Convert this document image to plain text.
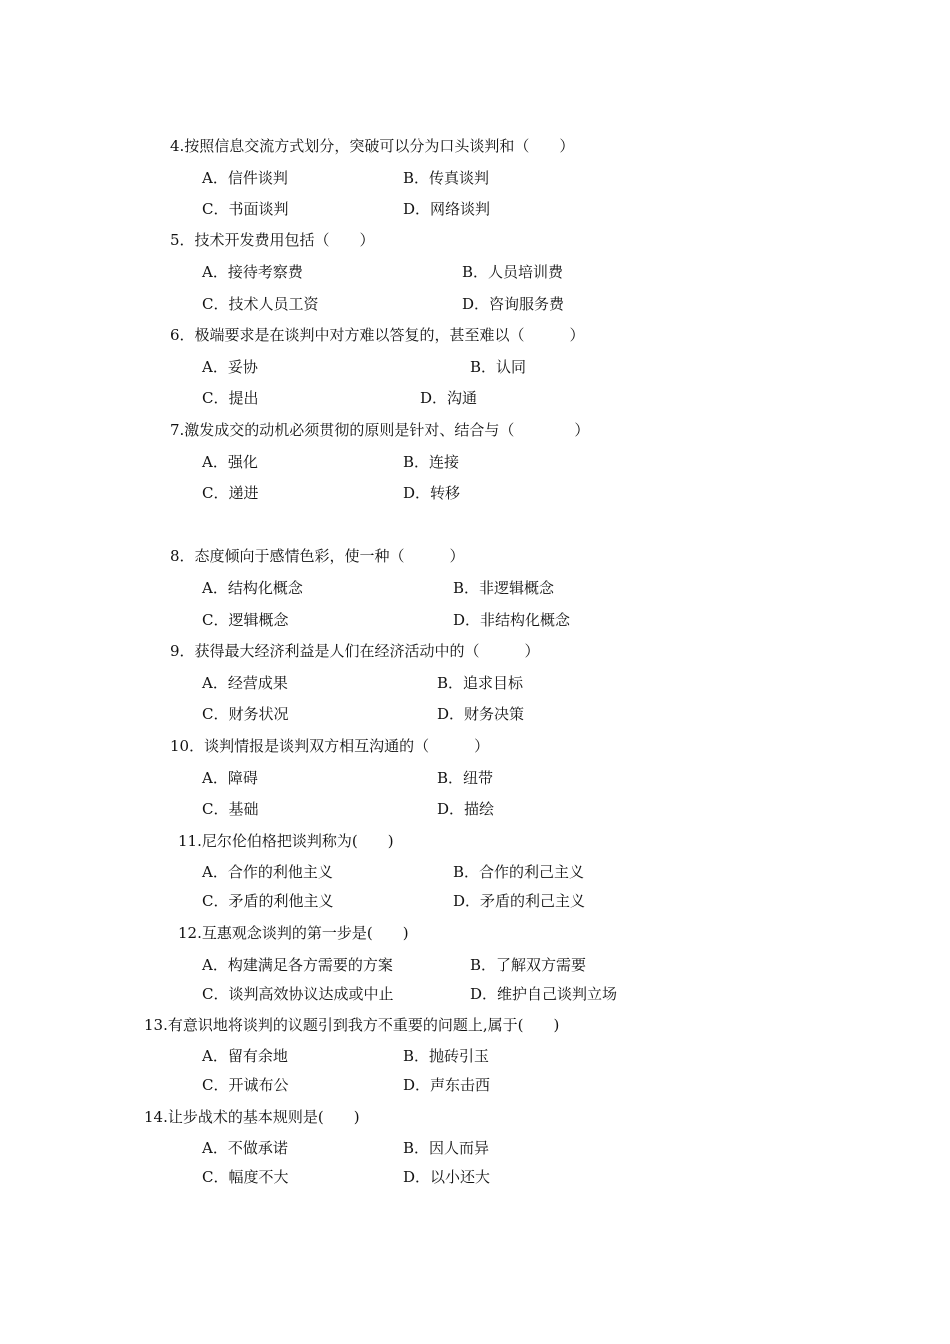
4.按照信息交流方式划分，突破可以分为口头谈判和（　　）
A．信件谈判	B．传真谈判
C．书面谈判	D．网络谈判
5．技术开发费用包括（　　）
A．接待考察费	B．人员培训费
C．技术人员工资	D．咨询服务费
6．极端要求是在谈判中对方难以答复的，甚至难以（　　　）
A．妥协	B．认同
C．提出	D．沟通
7.激发成交的动机必须贯彻的原则是针对、结合与（　　　　）
A．强化	B．连接
C．递进	D．转移
8．态度倾向于感情色彩，使一种（　　　）
A．结构化概念	B．非逻辑概念
C．逻辑概念	D．非结构化概念
9．获得最大经济利益是人们在经济活动中的（　　　）
A．经营成果	B．追求目标
C．财务状况	D．财务决策
10．谈判情报是谈判双方相互沟通的（　　　）
A．障碍	B．纽带
C．基础	D．描绘
11.尼尔伦伯格把谈判称为(　　)
A．合作的利他主义	B．合作的利己主义
C．矛盾的利他主义	D．矛盾的利己主义
12.互惠观念谈判的第一步是(　　)
A．构建满足各方需要的方案	B．了解双方需要
C．谈判高效协议达成或中止	D．维护自己谈判立场
13.有意识地将谈判的议题引到我方不重要的问题上,属于(　　)
A．留有余地	B．抛砖引玉
C．开诚布公	D．声东击西
14.让步战术的基本规则是(　　)
A．不做承诺	B．因人而异
C．幅度不大	D．以小还大
